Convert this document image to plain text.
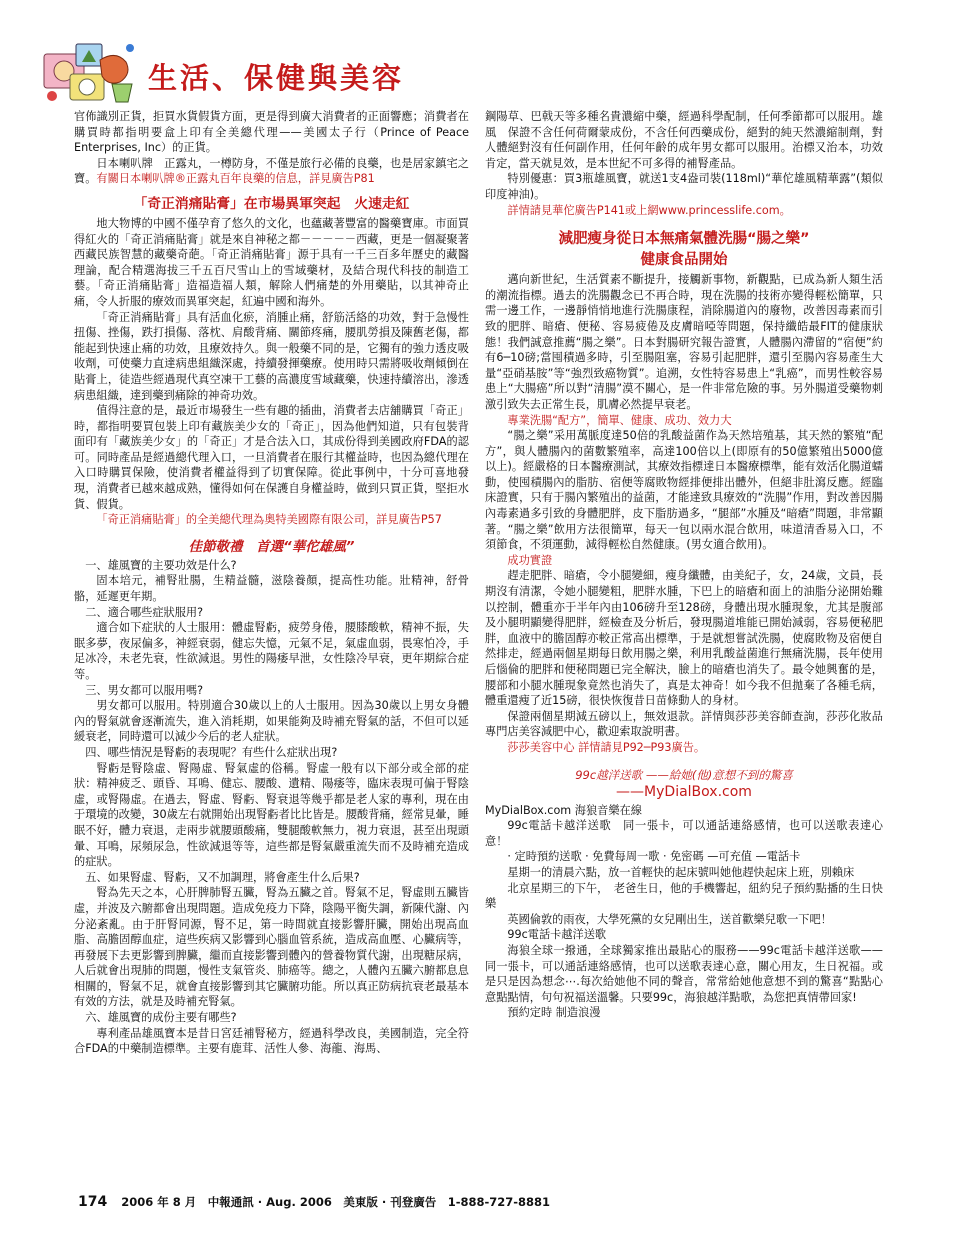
生活、保健與美容

官佈識別正貨，拒買水貨假貨方面，更是得到廣大消費者的正面響應；消費者在購買時都指明要盒上印有全美總代理——美國太子行（Prince of Peace Enterprises, Inc）的正貨。

日本喇叭牌　正露丸，一樽防身，不僅是旅行必備的良藥，也是居家鎮宅之寶。有關日本喇叭牌®正露丸百年良藥的信息，詳見廣告P81

「奇正消痛貼膏」在市場異軍突起　火速走紅

地大物博的中國不僅孕育了悠久的文化，也蘊藏著豐富的醫藥寶庫。市面買得紅火的「奇正消痛貼膏」就是來自神秘之都－－－－－西藏，更是一個凝聚著西藏民族智慧的藏藥奇葩。「奇正消痛貼膏」源于具有一千三百多年歷史的藏醫理論，配合精選海拔三千五百尺雪山上的雪域藥材，及結合現代科技的制造工藝。「奇正消痛貼膏」造福造福人類，解除人們痛楚的外用藥貼，以其神奇止痛，令人折服的療效而異軍突起，紅遍中國和海外。

「奇正消痛貼膏」具有活血化瘀，消腫止痛，舒筋活絡的功效，對于急慢性扭傷、挫傷，跌打損傷、落枕、肩酸背痛、關節疼痛，腰肌勞損及陳舊老傷，都能起到快速止痛的功效，且療效持久。與一般藥不同的是，它獨有的強力透皮吸收劑，可使藥力直達病患組織深處，持續發揮藥療。使用時只需將吸收劑傾倒在貼膏上，徒造些經過現代真空凍干工藝的高濃度雪域藏藥，快速持續溶出，滲透病患組織，達到藥到痛除的神奇功效。

值得注意的是，最近市場發生一些有趣的插曲，消費者去店舖購買「奇正」時，都指明要買包裝上印有藏族美少女的「奇正」，因為他們知道，只有包裝背面印有「藏族美少女」的「奇正」才是合法入口，其成份得到美國政府FDA的認可。同時產品是經過總代理入口，一旦消費者在服行其權益時，也因為總代理在入口時購買保險，使消費者權益得到了切實保障。從此事例中，十分可喜地發現，消費者已越來越成熟，懂得如何在保護自身權益時，做到只買正貨，堅拒水貨、假貨。

「奇正消痛貼膏」的全美總代理為奧特美國際有限公司，詳見廣告P57

佳節敬禮　首選“華佗雄風”

一、雄風寶的主要功效是什么?

固本培元，補腎壯腸，生精益髓，滋陰養顏，提高性功能。壯精神，舒骨骼，延遲更年期。

二、適合哪些症狀服用?

適合如下症狀的人士服用：體虛腎虧，疲勞身倦，腰膝酸軟，精神不振，失眠多夢，夜尿偏多，神經衰弱，健忘失憶，元氣不足，氣虛血弱，畏寒怕冷，手足冰冷，未老先衰，性欲減退。男性的陽痿早泄，女性陰冷早衰，更年期綜合症等。

三、男女都可以服用嗎?

男女都可以服用。特別適合30歲以上的人士服用。因為30歲以上男女身體內的腎氣就會逐漸流失，進入消耗期，如果能夠及時補充腎氣的話，不但可以延緩衰老，同時還可以減少今后的老人症狀。

四、哪些情況是腎虧的表現呢？有些什么症狀出現?

腎虧是腎陰虛、腎陽虛、腎氣虛的俗稱。腎虛一般有以下部分或全部的症狀：精神疲乏、頭昏、耳鳴、健忘、腰酸、遺精、陽痿等，臨床表現可偏于腎陰虛，或腎陽虛。在過去，腎虛、腎虧、腎衰退等幾乎都是老人家的專利，現在由于環境的改變，30歲左右就開始出現腎虧者比比皆是。腰酸背痛，經常見暈，睡眠不好，體力衰退，走兩步就腰頭酸痛，雙腿酸軟無力，視力衰退，甚至出現頭暈、耳鳴，尿頻尿急，性欲減退等等，這些都是腎氣嚴重流失而不及時補充造成的症狀。

五、如果腎虛、腎虧，又不加調理，將會產生什么后果?

腎為先天之本，心肝脾肺腎五臟，腎為五臟之首。腎氣不足，腎虛則五臟皆虛，并波及六腑都會出現問題。造成免疫力下降，陰陽平衡失調，新陳代謝、內分泌紊亂。由于肝腎同源，腎不足，第一時間就直接影響肝臟，開始出現高血脂、高膽固醇血症，這些疾病又影響到心腦血管系統，造成高血壓、心臟病等，再發展下去更影響到脾臟，繼而直接影響到體內的營養物質代謝，出現糖尿病，人后就會出現肺的問題，慢性支氣管炎、肺癌等。總之，人體內五臟六腑都息息相關的，腎氣不足，就會直接影響到其它臟腑功能。所以真正防病抗衰老最基本有效的方法，就是及時補充腎氣。

六、雄風寶的成份主要有哪些?

專利產品雄風寶本是昔日宮廷補腎秘方，經過科學改良，美國制造，完全符合FDA的中藥制造標準。主要有鹿茸、活性人參、海龍、海馬、

鋼陽草、巴戟天等多種名貴濃縮中藥，經過科學配制，任何季節都可以服用。雄風　保證不含任何荷爾蒙成份，不含任何西藥成份，絕對的純天然濃縮制劑，對人體絕對沒有任何副作用，任何年齡的成年男女都可以服用。治標又治本，功效肯定，當天就見效，是本世紀不可多得的補腎產品。

特別優惠：買3瓶雄風寶，就送1支4盎司裝(118ml)“華佗雄風精華露”(類似印度神油)。

詳情請見華佗廣告P141或上網www.princesslife.com。

減肥瘦身從日本無痛氣體洗腸“腸之樂”
健康食品開始

邁向新世紀，生活質素不斷提升，接觸新事物，新觀點，已成為新人類生活的潮流指標。過去的洗腸觀念已不再合時，現在洗腸的技術亦變得輕松簡單，只需一邊工作，一邊靜悄悄地進行洗腸康程，消除腸道內的廢物，改善因毒素而引致的肥胖、暗瘡、便秘、容易疲倦及皮膚暗啞等問題，保持纖皓最FIT的健康狀態！我們誠意推薦“腸之樂”。日本對腸研究報告證實，人體腸內滯留的“宿便”約有6─10磅;當囤積過多時，引至腸阻塞，容易引起肥胖，還引至腸內容易產生大量“亞硝基胺”等“強烈致癌物質”。追溯，女性特容易患上“乳癌”，而男性較容易患上“大腸癌”所以對“清腸”漠不關心，是一件非常危險的事。另外腸道受藥物刺激引致失去正常生長，肌膚必然提早衰老。

專業洗腸“配方”，簡單、健康、成功、效力大

“腸之樂”采用萬脈度達50倍的乳酸益菌作為天然培殖基，其天然的繁殖“配方”，與人體腸內的菌數繁殖率，高達100倍以上(即原有的50億繁殖出5000億以上)。經嚴格的日本醫療測試，其療效指標達日本醫療標準，能有效活化腸道蠕動，使囤積腸內的脂肪、宿便等腐敗物經排便排出體外，但絕非肚瀉反應。經臨床證實，只有于腸內繁殖出的益菌，才能達致具療效的“洗腸”作用，對改善因腸內毒素過多引致的身體肥胖，皮下脂肪過多，“腿部”水腫及“暗瘡”問題，非常顯著。“腸之樂”飲用方法很簡單，每天一包以兩水混合飲用，味道清香易入口，不須節食，不須運動，減得輕松自然健康。(男女適合飲用)。

成功實證

趕走肥胖、暗瘡，令小腿變細，瘦身纖體，由美紀子，女，24歲，文員，長期沒有清潔，令她小腿變粗，肥胖水腫，下巴上的暗瘡和面上的油脂分泌開始難以控制，體重亦于半年內由106磅升至128磅，身體出現水腫現象，尤其是腹部及小腿明顯變得肥胖，經檢查及分析后，發現腸道堆能已開始減弱，容易便秘肥胖，血液中的膽固醇亦較正常高出標準，于是就想嘗試洗腸，使腐敗物及宿便自然排走，經過兩個星期每日飲用腸之樂，利用乳酸益菌進行無痛洗腸，長年使用后惱倫的肥胖和便秘問題已完全解決，臉上的暗瘡也消失了。最令她興奮的是，腰部和小腿水腫現象竟然也消失了，真是太神奇！如今我不但拋棄了各種毛病，體重還瘦了近15磅，很快恢復昔日苗條動人的身材。

保證兩個星期減五磅以上，無效退款。詳情與莎莎美容師查詢，莎莎化妝品專門店美容減肥中心，歡迎索取說明書。

莎莎美容中心 詳情請見P92─P93廣告。

99c越洋送歌 ——給她(他)意想不到的驚喜
——MyDialBox.com

MyDialBox.com 海狼音樂在線

99c電話卡越洋送歌　同一張卡，可以通話連絡感情，也可以送歌表達心意！

· 定時預約送歌 · 免費每周一歌 · 免密碼 —可充值 —電話卡

星期一的清晨六點，放一首輕快的起床號叫她他趕快起床上班，別賴床

北京星期三的下午，　老爸生日，他的手機響起，紐約兒子預約點播的生日快樂

英國倫敦的雨夜，大學死黨的女兒剛出生，送首歡樂兒歌一下吧！

99c電話卡越洋送歌

海狼全球一撥通，全球獨家推出最貼心的服務——99c電話卡越洋送歌——同一張卡，可以通話連絡感情，也可以送歌表達心意，關心用友，生日祝福。或是只是因為想念⋯.每次給她他不同的聲音，常常給她他意想不到的驚喜“點點心意點點情，句句祝福送溫馨。只要99c，海狼越洋點歌，為您把真情帶回家!

預約定時 制造浪漫

174 2006 年 8 月　中報通訊 · Aug. 2006　美東版 · 刊登廣告　1-888-727-8881
